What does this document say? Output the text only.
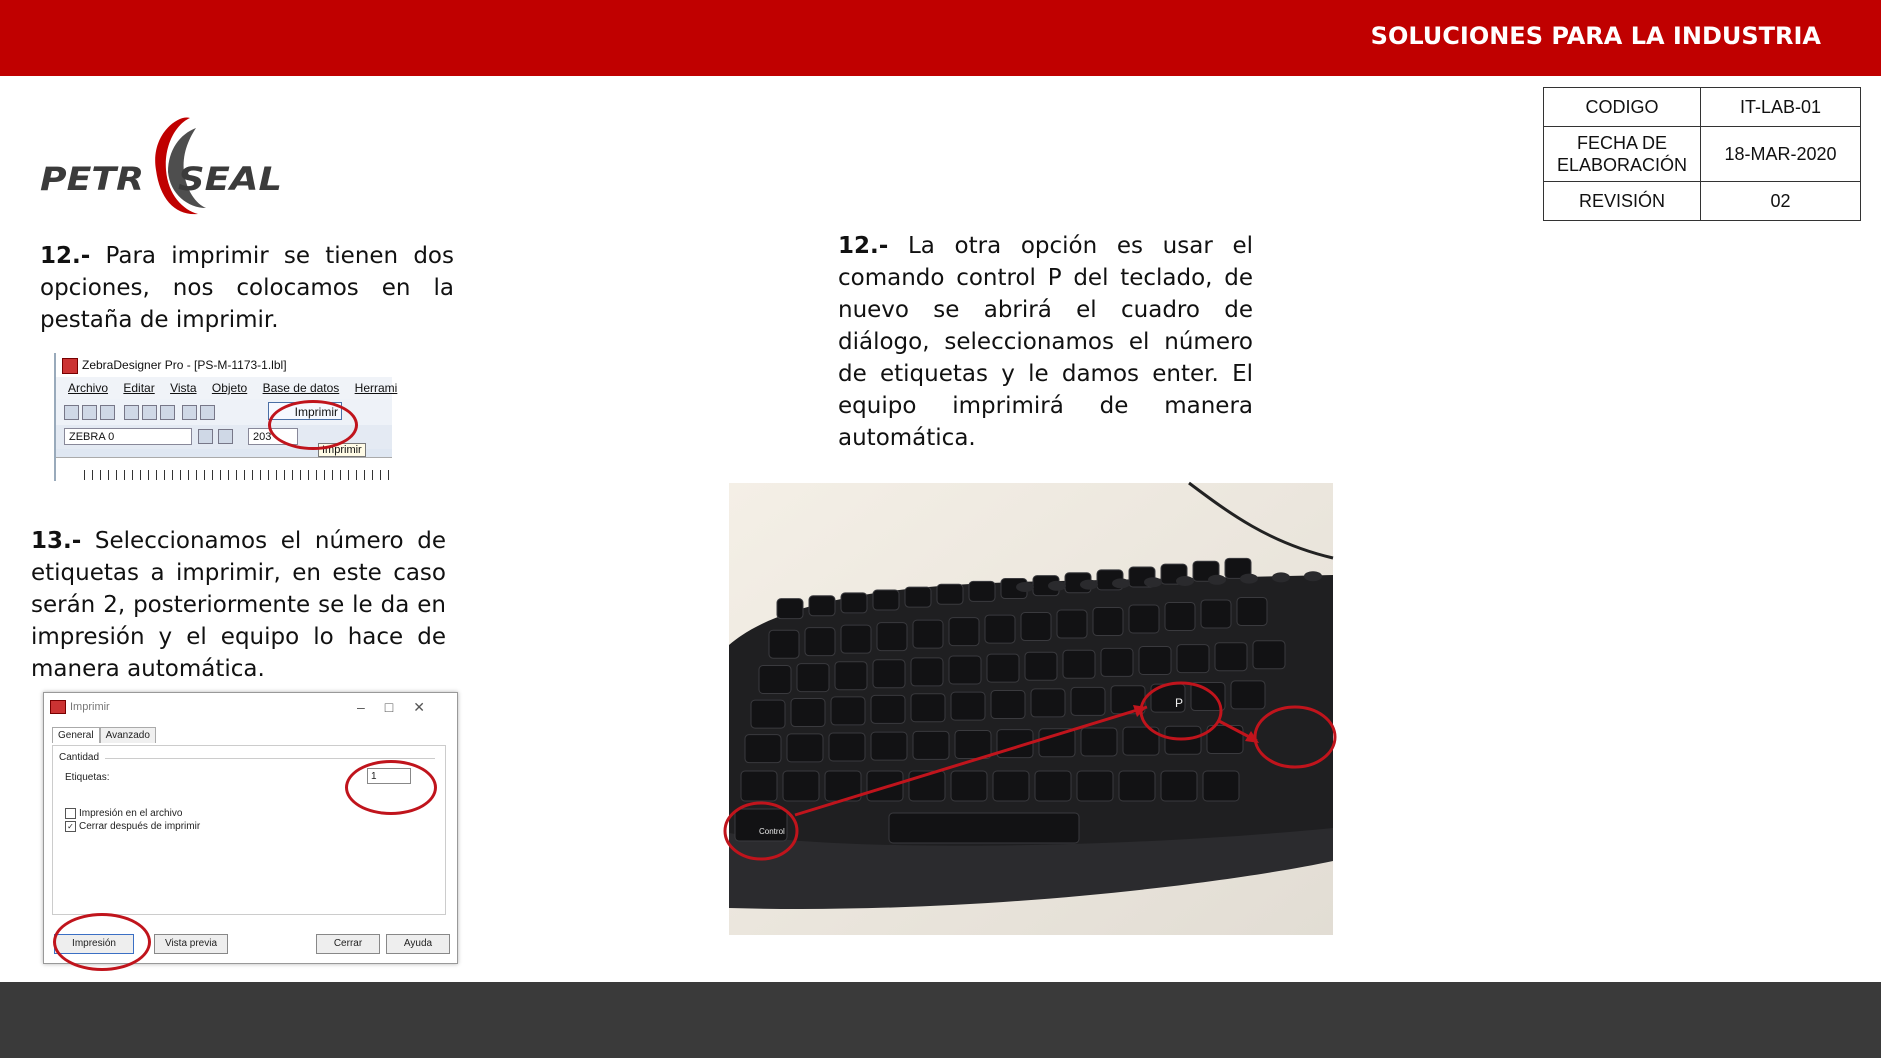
SOLUCIONES PARA LA INDUSTRIA
PETR SEAL
CODIGO	IT-LAB-01
FECHA DE ELABORACIÓN	18-MAR-2020
REVISIÓN	02
12.- Para imprimir se tienen dos opciones, nos colocamos en la pestaña de imprimir.
13.- Seleccionamos el número de etiquetas a imprimir, en este caso serán 2, posteriormente se le da en impresión y el equipo lo hace de manera automática.
12.- La otra opción es usar el comando control P del teclado, de nuevo se abrirá el cuadro de diálogo, seleccionamos el número de etiquetas y le damos enter. El equipo imprimirá de manera automática.
ZebraDesigner Pro - [PS-M-1173-1.lbl]
Archivo Editar Vista Objeto Base de datos Herrami
Imprimir
ZEBRA 0	203
Imprimir
Imprimir	–□✕
General Avanzado
Cantidad
Etiquetas:	1
Impresión en el archivo
✓ Cerrar después de imprimir
Impresión	Vista previa	Cerrar	Ayuda
Control
P
